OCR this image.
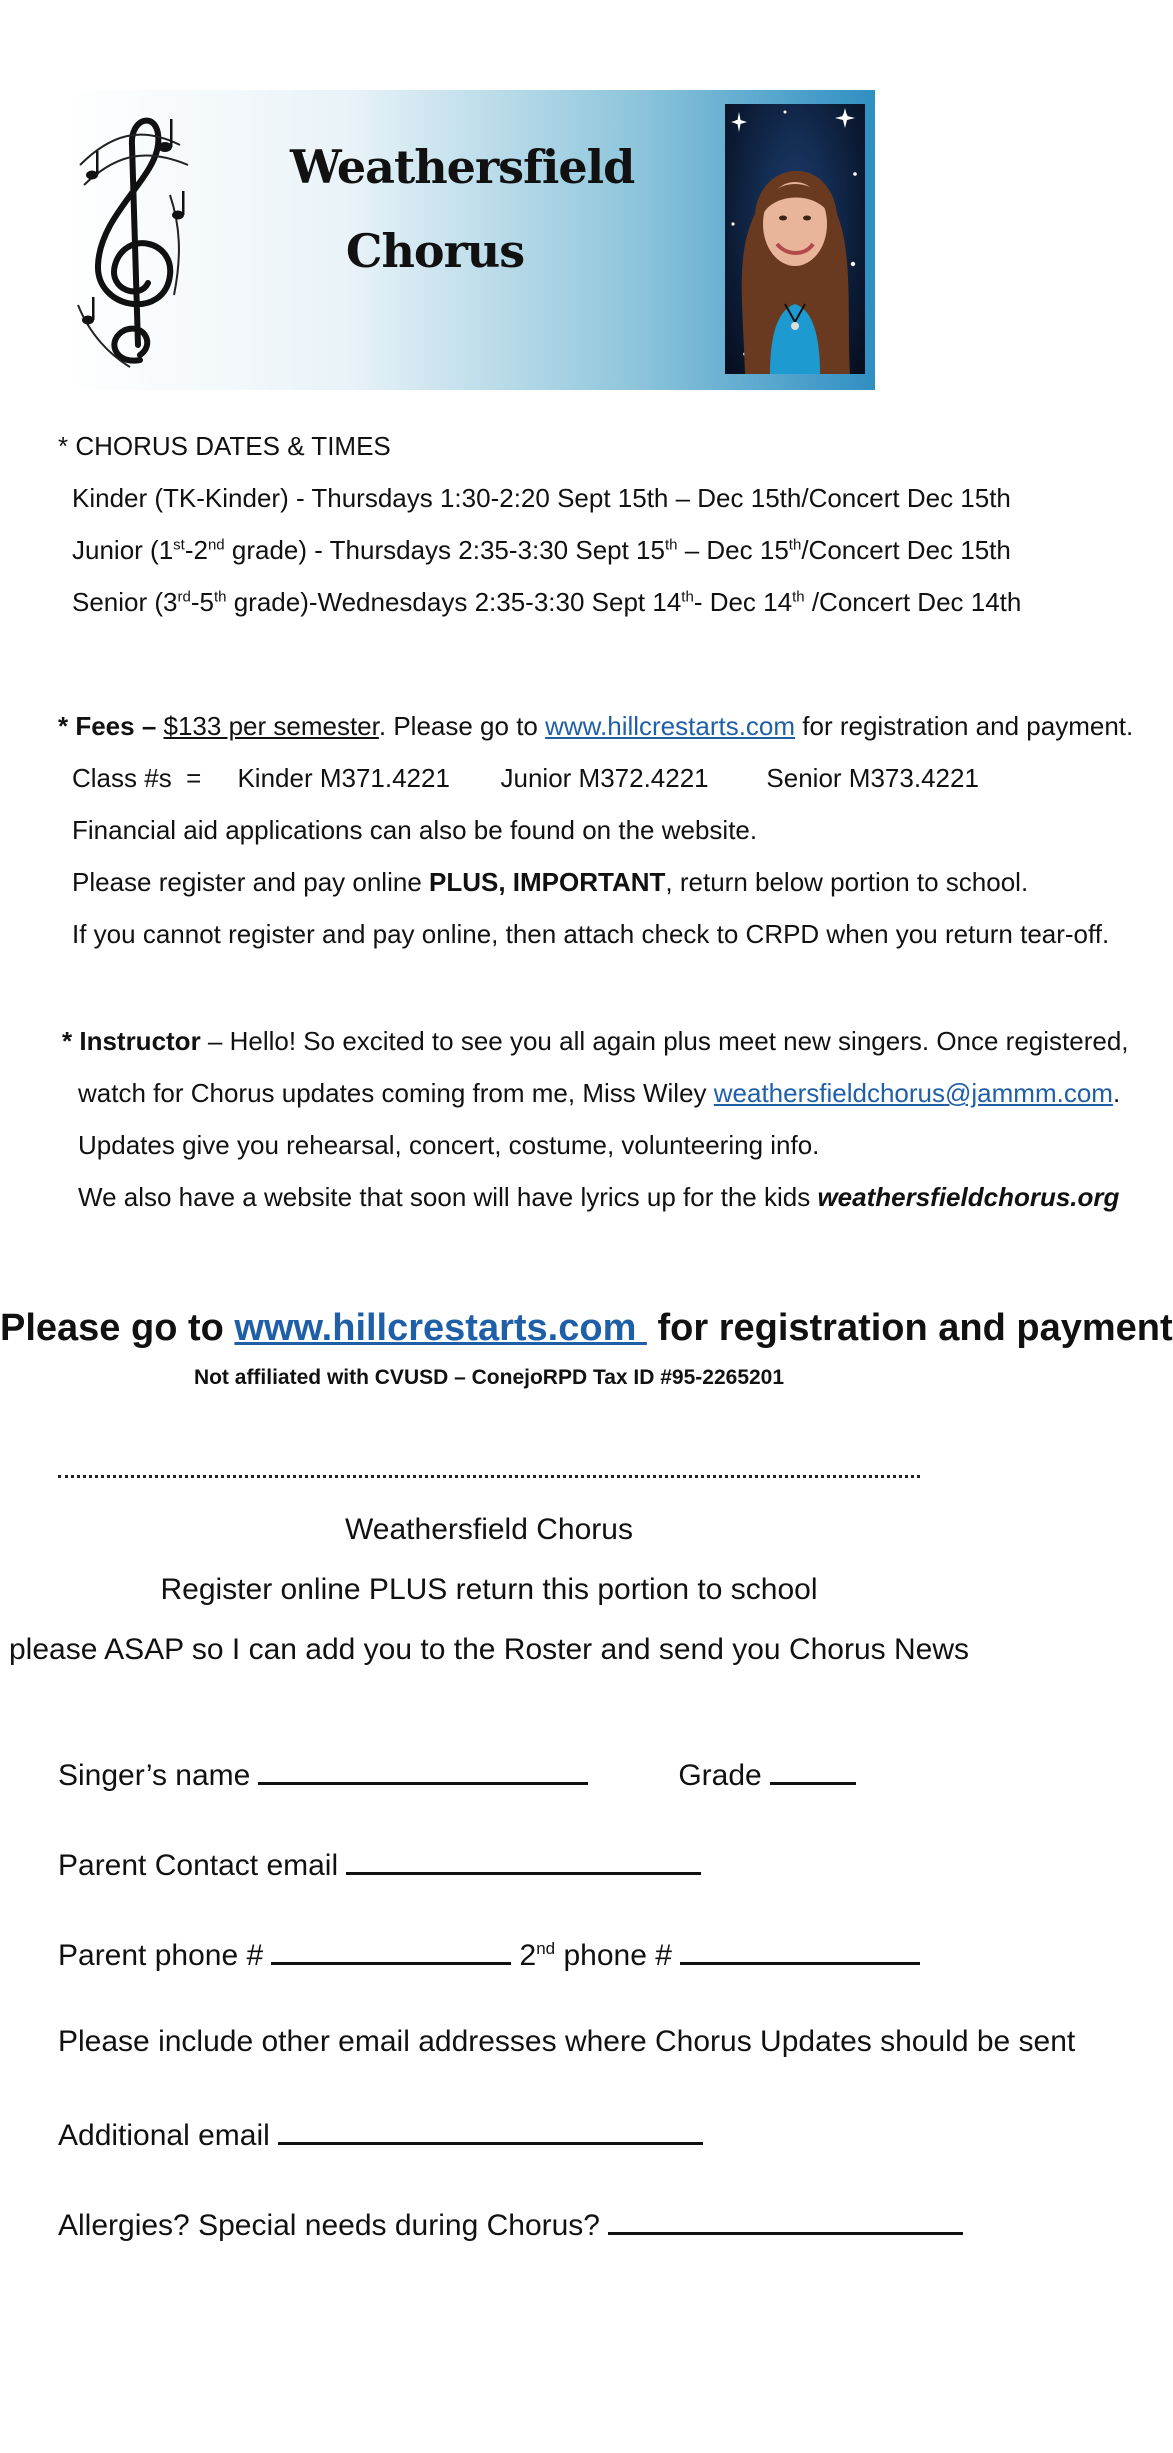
Weathersfield
Chorus

* CHORUS DATES & TIMES

Kinder (TK-Kinder) - Thursdays 1:30-2:20 Sept 15th – Dec 15th/Concert Dec 15th

Junior (1st-2nd grade) - Thursdays 2:35-3:30 Sept 15th – Dec 15th/Concert Dec 15th

Senior (3rd-5th grade)-Wednesdays 2:35-3:30 Sept 14th- Dec 14th /Concert Dec 14th

* Fees – $133 per semester. Please go to www.hillcrestarts.com for registration and payment.

Class #s  =     Kinder M371.4221       Junior M372.4221        Senior M373.4221

Financial aid applications can also be found on the website.

Please register and pay online PLUS, IMPORTANT, return below portion to school.

If you cannot register and pay online, then attach check to CRPD when you return tear-off.

* Instructor – Hello! So excited to see you all again plus meet new singers. Once registered,

watch for Chorus updates coming from me, Miss Wiley weathersfieldchorus@jammm.com.

Updates give you rehearsal, concert, costume, volunteering info.

We also have a website that soon will have lyrics up for the kids weathersfieldchorus.org

Please go to www.hillcrestarts.com  for registration and payment
Not affiliated with CVUSD – ConejoRPD Tax ID #95-2265201

Weathersfield Chorus

Register online PLUS return this portion to school

please ASAP so I can add you to the Roster and send you Chorus News

Singer’s name	Grade
Parent Contact email
Parent phone #	2nd phone #
Please include other email addresses where Chorus Updates should be sent
Additional email
Allergies? Special needs during Chorus?
